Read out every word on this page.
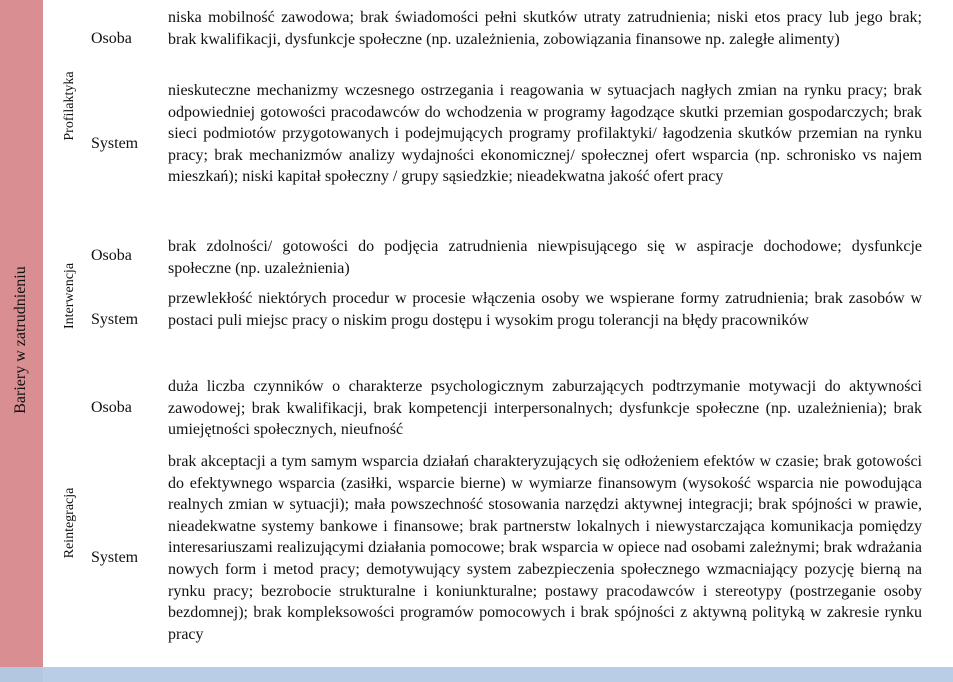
Bariery w zatrudnieniu
Profilaktyka
Osoba
niska mobilność zawodowa; brak świadomości pełni skutków utraty zatrudnienia; niski etos pracy lub jego brak; brak kwalifikacji, dysfunkcje społeczne (np. uzależnienia, zobowiązania finansowe np. zaległe alimenty)
System
nieskuteczne mechanizmy wczesnego ostrzegania i reagowania w sytuacjach nagłych zmian na rynku pracy; brak odpowiedniej gotowości pracodawców do wchodzenia w programy łagodzące skutki przemian gospodarczych; brak sieci podmiotów przygotowanych i podejmujących programy profilaktyki/ łagodzenia skutków przemian na rynku pracy; brak mechanizmów analizy wydajności ekonomicznej/ społecznej ofert wsparcia (np. schronisko vs najem mieszkań); niski kapitał społeczny / grupy sąsiedzkie; nieadekwatna jakość ofert pracy
Interwencja
Osoba
brak zdolności/ gotowości do podjęcia zatrudnienia niewpisującego się w aspiracje dochodowe; dysfunkcje społeczne (np. uzależnienia)
System
przewlekłość niektórych procedur w procesie włączenia osoby we wspierane formy zatrudnienia; brak zasobów w postaci puli miejsc pracy o niskim progu dostępu i wysokim progu tolerancji na błędy pracowników
Reintegracja
Osoba
duża liczba czynników o charakterze psychologicznym zaburzających podtrzymanie motywacji do aktywności zawodowej; brak kwalifikacji, brak kompetencji interpersonalnych; dysfunkcje społeczne (np. uzależnienia); brak umiejętności społecznych, nieufność
System
brak akceptacji a tym samym wsparcia działań charakteryzujących się odłożeniem efektów w czasie; brak gotowości do efektywnego wsparcia (zasiłki, wsparcie bierne) w wymiarze finansowym (wysokość wsparcia nie powodująca realnych zmian w sytuacji); mała powszechność stosowania narzędzi aktywnej integracji; brak spójności w prawie, nieadekwatne systemy bankowe i finansowe; brak partnerstw lokalnych i niewystarczająca komunikacja pomiędzy interesariuszami realizującymi działania pomocowe; brak wsparcia w opiece nad osobami zależnymi; brak wdrażania nowych form i metod pracy; demotywujący system zabezpieczenia społecznego wzmacniający pozycję bierną na rynku pracy; bezrobocie strukturalne i koniunkturalne; postawy pracodawców i stereotypy (postrzeganie osoby bezdomnej); brak kompleksowości programów pomocowych i brak spójności z aktywną polityką w zakresie rynku pracy
